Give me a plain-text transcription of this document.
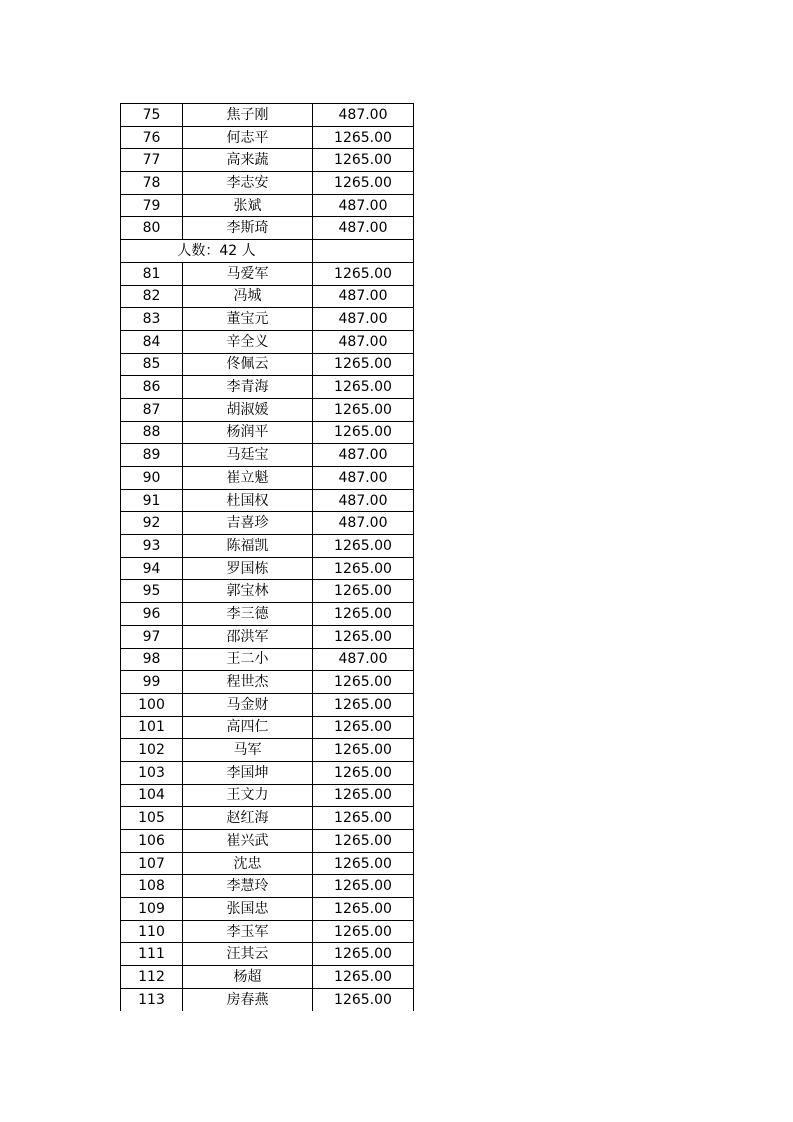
75	焦子刚	487.00
76	何志平	1265.00
77	高来蔬	1265.00
78	李志安	1265.00
79	张斌	487.00
80	李斯琦	487.00
人数：42 人		
81	马爱军	1265.00
82	冯城	487.00
83	董宝元	487.00
84	辛全义	487.00
85	佟佩云	1265.00
86	李青海	1265.00
87	胡淑媛	1265.00
88	杨润平	1265.00
89	马廷宝	487.00
90	崔立魁	487.00
91	杜国权	487.00
92	吉喜珍	487.00
93	陈福凯	1265.00
94	罗国栋	1265.00
95	郭宝林	1265.00
96	李三德	1265.00
97	邵洪军	1265.00
98	王二小	487.00
99	程世杰	1265.00
100	马金财	1265.00
101	高四仁	1265.00
102	马军	1265.00
103	李国坤	1265.00
104	王文力	1265.00
105	赵红海	1265.00
106	崔兴武	1265.00
107	沈忠	1265.00
108	李慧玲	1265.00
109	张国忠	1265.00
110	李玉军	1265.00
111	汪其云	1265.00
112	杨超	1265.00
113	房春燕	1265.00
